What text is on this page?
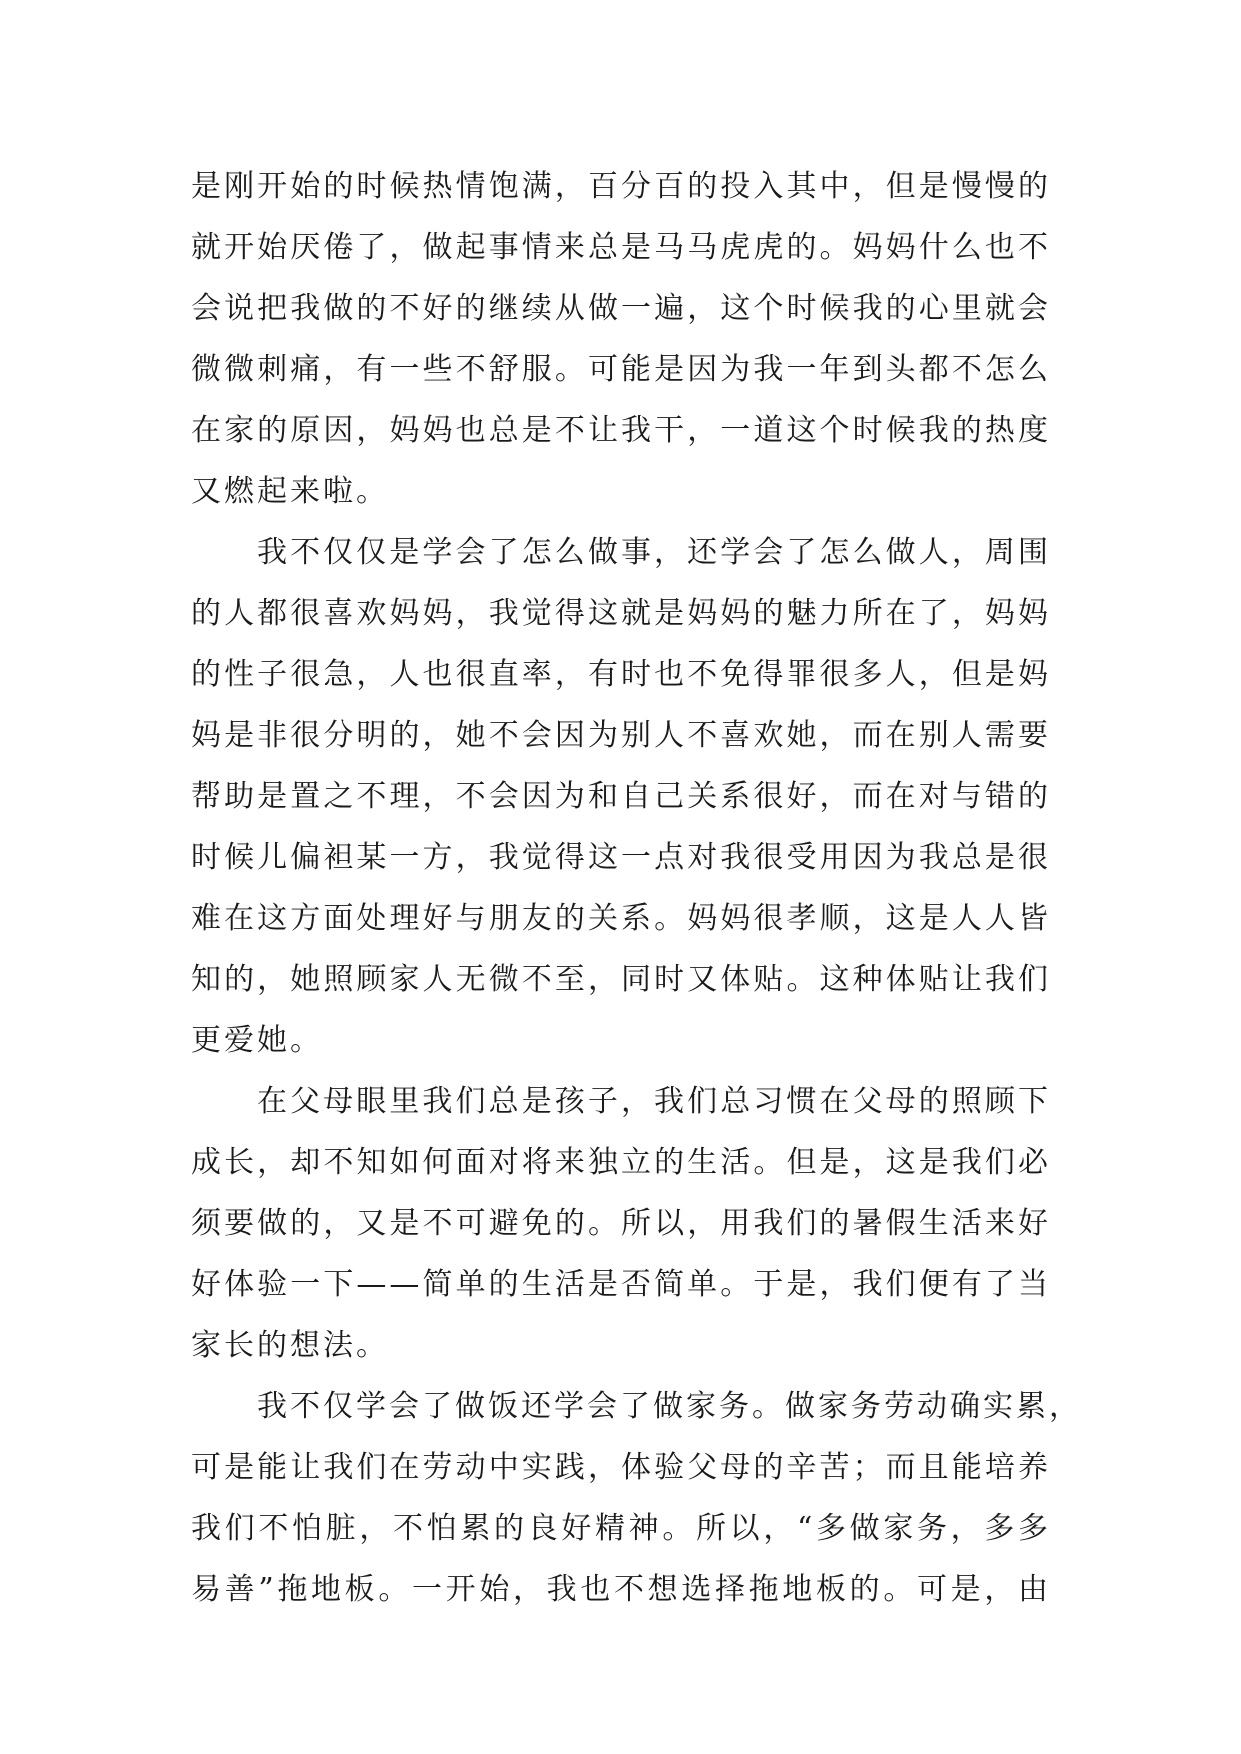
是刚开始的时候热情饱满，百分百的投入其中，但是慢慢的
就开始厌倦了，做起事情来总是马马虎虎的。妈妈什么也不
会说把我做的不好的继续从做一遍，这个时候我的心里就会
微微刺痛，有一些不舒服。可能是因为我一年到头都不怎么
在家的原因，妈妈也总是不让我干，一道这个时候我的热度
又燃起来啦。
我不仅仅是学会了怎么做事，还学会了怎么做人，周围
的人都很喜欢妈妈，我觉得这就是妈妈的魅力所在了，妈妈
的性子很急，人也很直率，有时也不免得罪很多人，但是妈
妈是非很分明的，她不会因为别人不喜欢她，而在别人需要
帮助是置之不理，不会因为和自己关系很好，而在对与错的
时候儿偏袒某一方，我觉得这一点对我很受用因为我总是很
难在这方面处理好与朋友的关系。妈妈很孝顺，这是人人皆
知的，她照顾家人无微不至，同时又体贴。这种体贴让我们
更爱她。
在父母眼里我们总是孩子，我们总习惯在父母的照顾下
成长，却不知如何面对将来独立的生活。但是，这是我们必
须要做的，又是不可避免的。所以，用我们的暑假生活来好
好体验一下——简单的生活是否简单。于是，我们便有了当
家长的想法。
我不仅学会了做饭还学会了做家务。做家务劳动确实累，
可是能让我们在劳动中实践，体验父母的辛苦；而且能培养
我们不怕脏，不怕累的良好精神。所以，“多做家务，多多
易善”拖地板。一开始，我也不想选择拖地板的。可是，由
